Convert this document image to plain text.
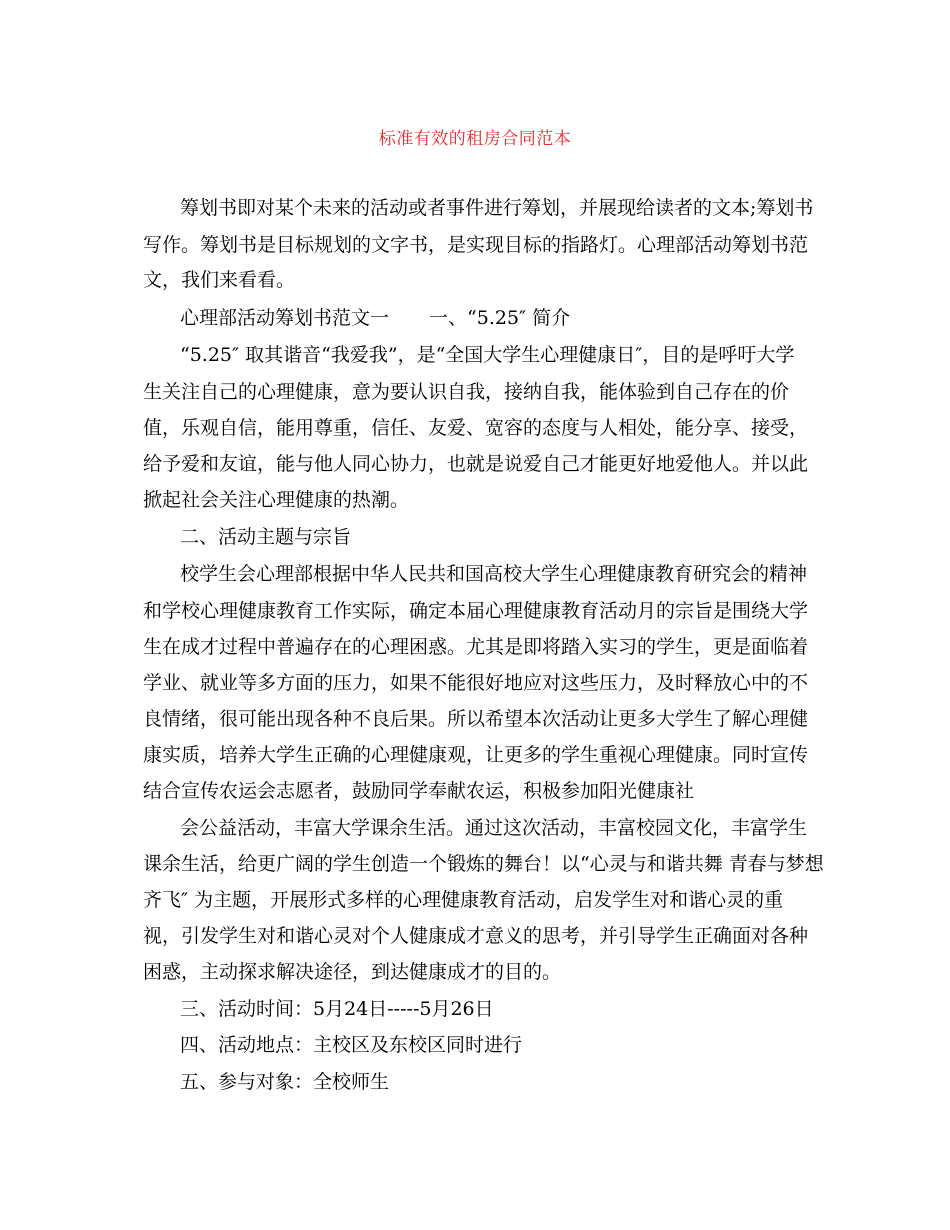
标准有效的租房合同范本
筹划书即对某个未来的活动或者事件进行筹划，并展现给读者的文本;筹划书
写作。筹划书是目标规划的文字书，是实现目标的指路灯。心理部活动筹划书范
文，我们来看看。
心理部活动筹划书范文一 一、“5.25″ 简介
“5.25″ 取其谐音“我爱我”，是“全国大学生心理健康日″，目的是呼吁大学
生关注自己的心理健康，意为要认识自我，接纳自我，能体验到自己存在的价
值，乐观自信，能用尊重，信任、友爱、宽容的态度与人相处，能分享、接受，
给予爱和友谊，能与他人同心协力，也就是说爱自己才能更好地爱他人。并以此
掀起社会关注心理健康的热潮。
二、活动主题与宗旨
校学生会心理部根据中华人民共和国高校大学生心理健康教育研究会的精神
和学校心理健康教育工作实际，确定本届心理健康教育活动月的宗旨是围绕大学
生在成才过程中普遍存在的心理困惑。尤其是即将踏入实习的学生，更是面临着
学业、就业等多方面的压力，如果不能很好地应对这些压力，及时释放心中的不
良情绪，很可能出现各种不良后果。所以希望本次活动让更多大学生了解心理健
康实质，培养大学生正确的心理健康观，让更多的学生重视心理健康。同时宣传
结合宣传农运会志愿者，鼓励同学奉献农运，积极参加阳光健康社
会公益活动，丰富大学课余生活。通过这次活动，丰富校园文化，丰富学生
课余生活，给更广阔的学生创造一个锻炼的舞台！以“心灵与和谐共舞 青春与梦想
齐飞″ 为主题，开展形式多样的心理健康教育活动，启发学生对和谐心灵的重
视，引发学生对和谐心灵对个人健康成才意义的思考，并引导学生正确面对各种
困惑，主动探求解决途径，到达健康成才的目的。
三、活动时间：5月24日-----5月26日
四、活动地点：主校区及东校区同时进行
五、参与对象：全校师生
